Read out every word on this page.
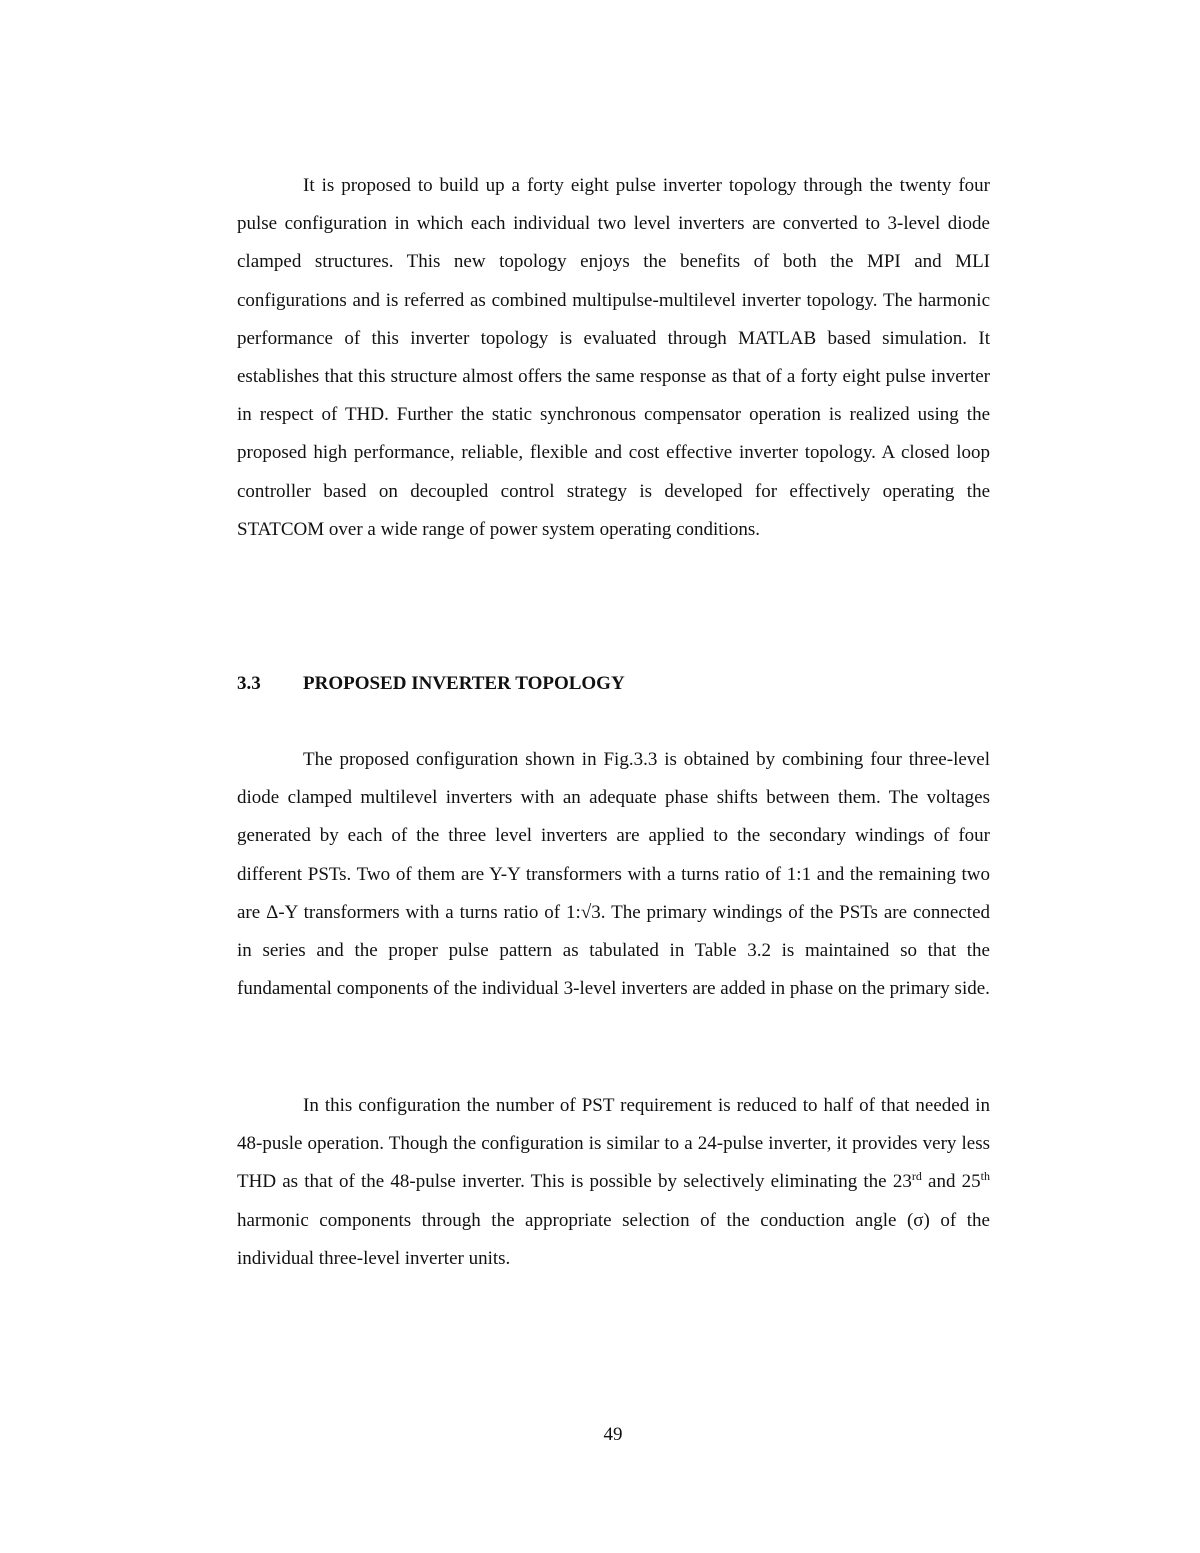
It is proposed to build up a forty eight pulse inverter topology through the twenty four pulse configuration in which each individual two level inverters are converted to 3-level diode clamped structures. This new topology enjoys the benefits of both the MPI and MLI configurations and is referred as combined multipulse-multilevel inverter topology. The harmonic performance of this inverter topology is evaluated through MATLAB based simulation. It establishes that this structure almost offers the same response as that of a forty eight pulse inverter in respect of THD. Further the static synchronous compensator operation is realized using the proposed high performance, reliable, flexible and cost effective inverter topology. A closed loop controller based on decoupled control strategy is developed for effectively operating the STATCOM over a wide range of power system operating conditions.

3.3 PROPOSED INVERTER TOPOLOGY

The proposed configuration shown in Fig.3.3 is obtained by combining four three-level diode clamped multilevel inverters with an adequate phase shifts between them. The voltages generated by each of the three level inverters are applied to the secondary windings of four different PSTs. Two of them are Y-Y transformers with a turns ratio of 1:1 and the remaining two are Δ-Y transformers with a turns ratio of 1:√3. The primary windings of the PSTs are connected in series and the proper pulse pattern as tabulated in Table 3.2 is maintained so that the fundamental components of the individual 3-level inverters are added in phase on the primary side.

In this configuration the number of PST requirement is reduced to half of that needed in 48-pusle operation. Though the configuration is similar to a 24-pulse inverter, it provides very less THD as that of the 48-pulse inverter. This is possible by selectively eliminating the 23rd and 25th harmonic components through the appropriate selection of the conduction angle (σ) of the individual three-level inverter units.

49
